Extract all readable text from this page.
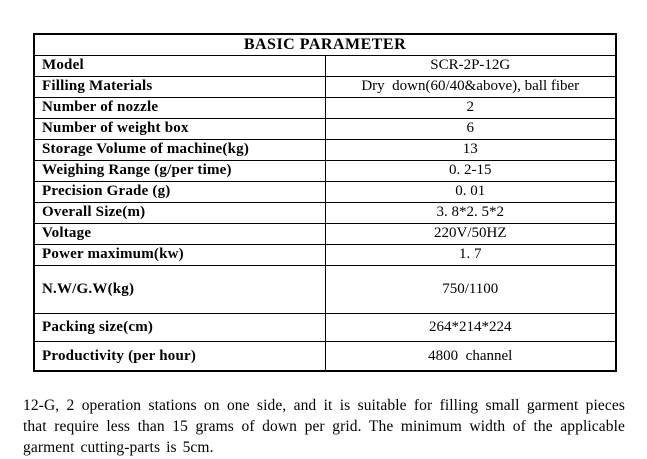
BASIC PARAMETER	
Model	SCR-2P-12G
Filling Materials	Dry  down(60/40&above), ball fiber
Number of nozzle	2
Number of weight box	6
Storage Volume of machine(kg)	13
Weighing Range (g/per time)	0. 2-15
Precision Grade (g)	0. 01
Overall Size(m)	3. 8*2. 5*2
Voltage	220V/50HZ
Power maximum(kw)	1. 7
N.W/G.W(kg)	750/1100
Packing size(cm)	264*214*224
Productivity (per hour)	4800  channel

12-G, 2 operation stations on one side, and it is suitable for filling small garment pieces that require less than 15 grams of down per grid. The minimum width of the applicable garment cutting-parts is 5cm.
